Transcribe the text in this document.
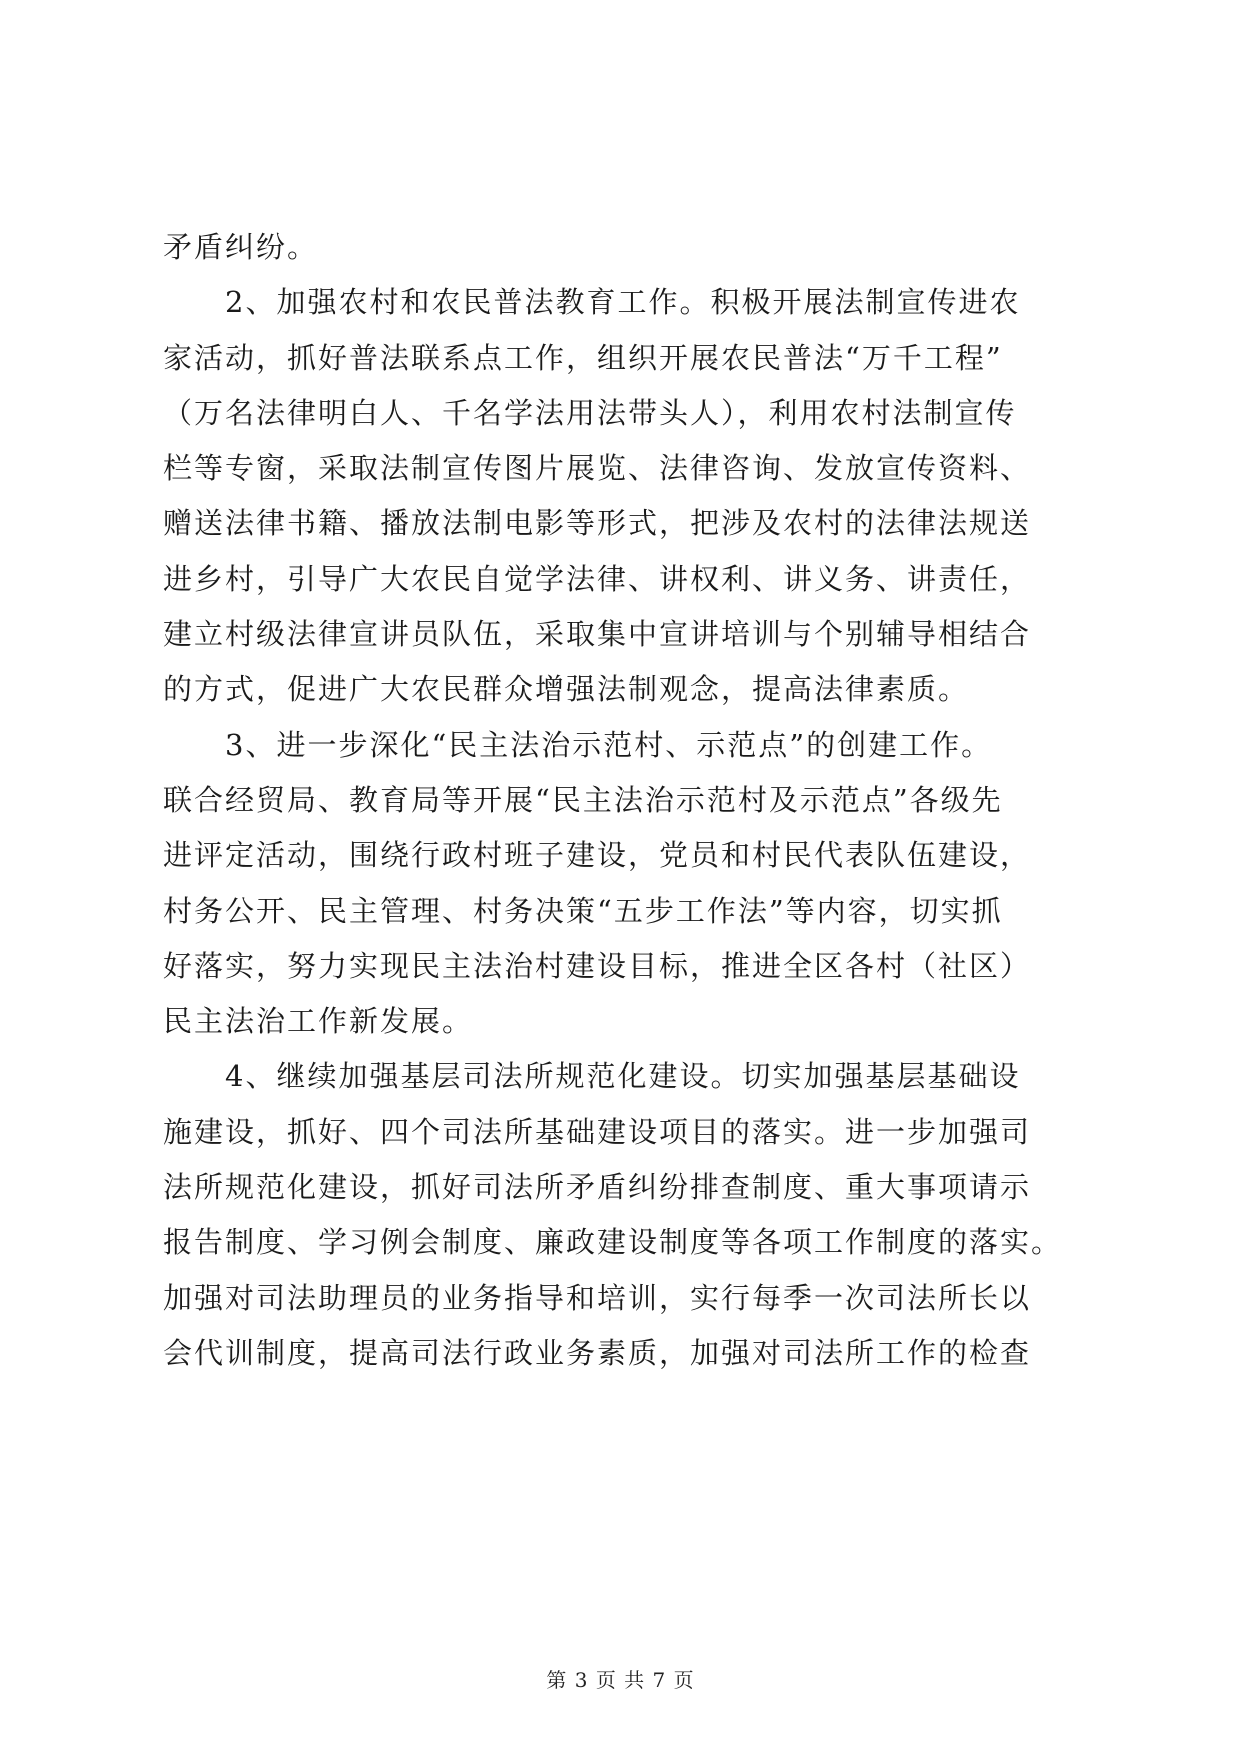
矛盾纠纷。
2、加强农村和农民普法教育工作。积极开展法制宣传进农
家活动，抓好普法联系点工作，组织开展农民普法“万千工程”
（万名法律明白人、千名学法用法带头人），利用农村法制宣传
栏等专窗，采取法制宣传图片展览、法律咨询、发放宣传资料、
赠送法律书籍、播放法制电影等形式，把涉及农村的法律法规送
进乡村，引导广大农民自觉学法律、讲权利、讲义务、讲责任，
建立村级法律宣讲员队伍，采取集中宣讲培训与个别辅导相结合
的方式，促进广大农民群众增强法制观念，提高法律素质。
3、进一步深化“民主法治示范村、示范点”的创建工作。
联合经贸局、教育局等开展“民主法治示范村及示范点”各级先
进评定活动，围绕行政村班子建设，党员和村民代表队伍建设，
村务公开、民主管理、村务决策“五步工作法”等内容，切实抓
好落实，努力实现民主法治村建设目标，推进全区各村（社区）
民主法治工作新发展。
4、继续加强基层司法所规范化建设。切实加强基层基础设
施建设，抓好、四个司法所基础建设项目的落实。进一步加强司
法所规范化建设，抓好司法所矛盾纠纷排查制度、重大事项请示
报告制度、学习例会制度、廉政建设制度等各项工作制度的落实。
加强对司法助理员的业务指导和培训，实行每季一次司法所长以
会代训制度，提高司法行政业务素质，加强对司法所工作的检查
第 3 页 共 7 页
